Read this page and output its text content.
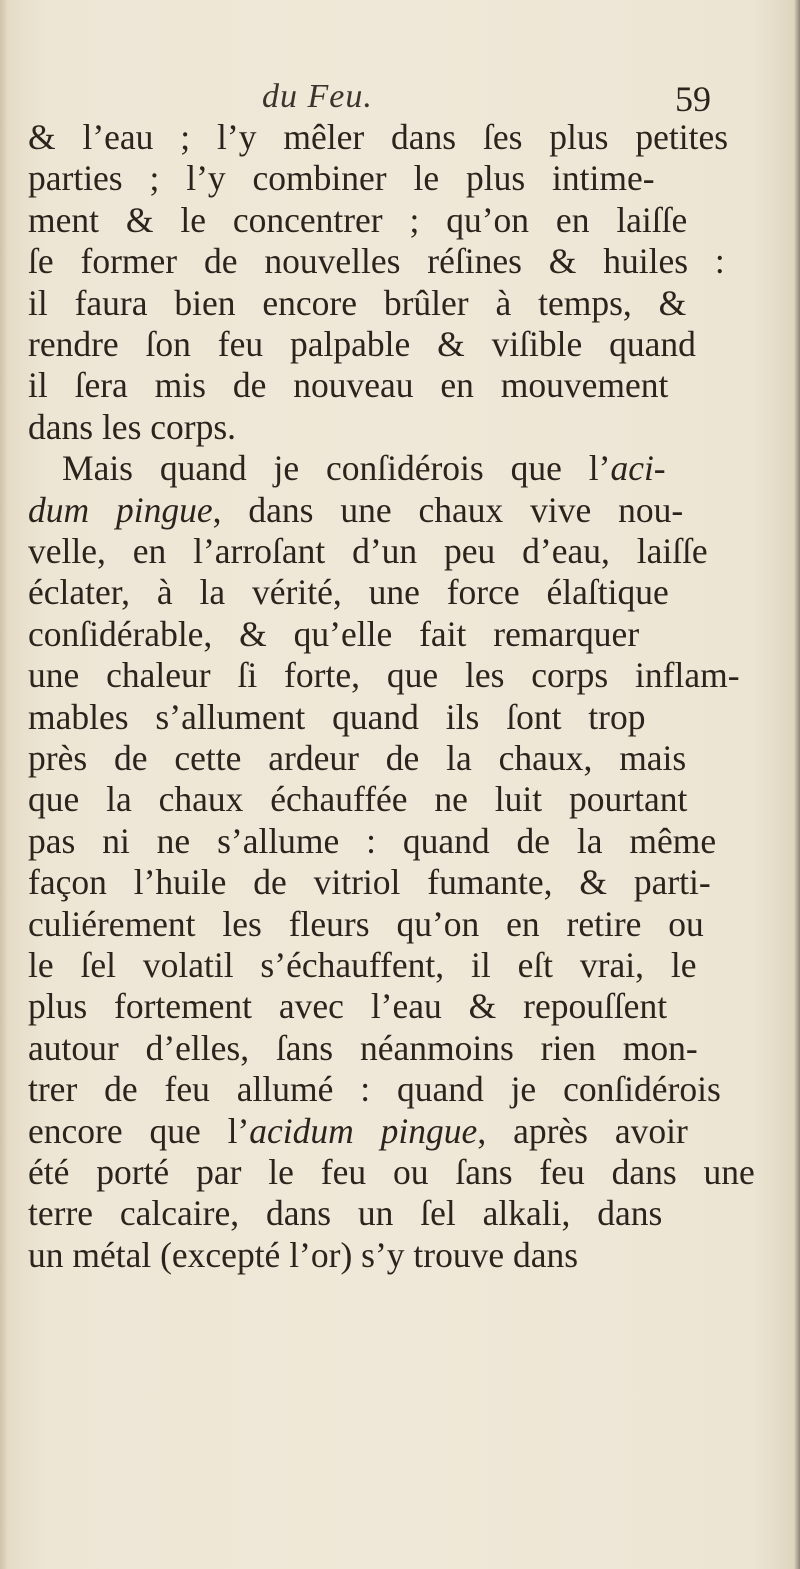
du Feu.	59
& l’eau ; l’y mêler dans ſes plus petites
parties ; l’y combiner le plus intime-
ment & le concentrer ; qu’on en laiſſe
ſe former de nouvelles réſines & huiles :
il faura bien encore brûler à temps, &
rendre ſon feu palpable & viſible quand
il ſera mis de nouveau en mouvement
dans les corps.
Mais quand je conſidérois que l’aci-
dum pingue, dans une chaux vive nou-
velle, en l’arroſant d’un peu d’eau, laiſſe
éclater, à la vérité, une force élaſtique
conſidérable, & qu’elle fait remarquer
une chaleur ſi forte, que les corps inflam-
mables s’allument quand ils ſont trop
près de cette ardeur de la chaux, mais
que la chaux échauffée ne luit pourtant
pas ni ne s’allume : quand de la même
façon l’huile de vitriol fumante, & parti-
culiérement les fleurs qu’on en retire ou
le ſel volatil s’échauffent, il eſt vrai, le
plus fortement avec l’eau & repouſſent
autour d’elles, ſans néanmoins rien mon-
trer de feu allumé : quand je conſidérois
encore que l’acidum pingue, après avoir
été porté par le feu ou ſans feu dans une
terre calcaire, dans un ſel alkali, dans
un métal (excepté l’or) s’y trouve dans
